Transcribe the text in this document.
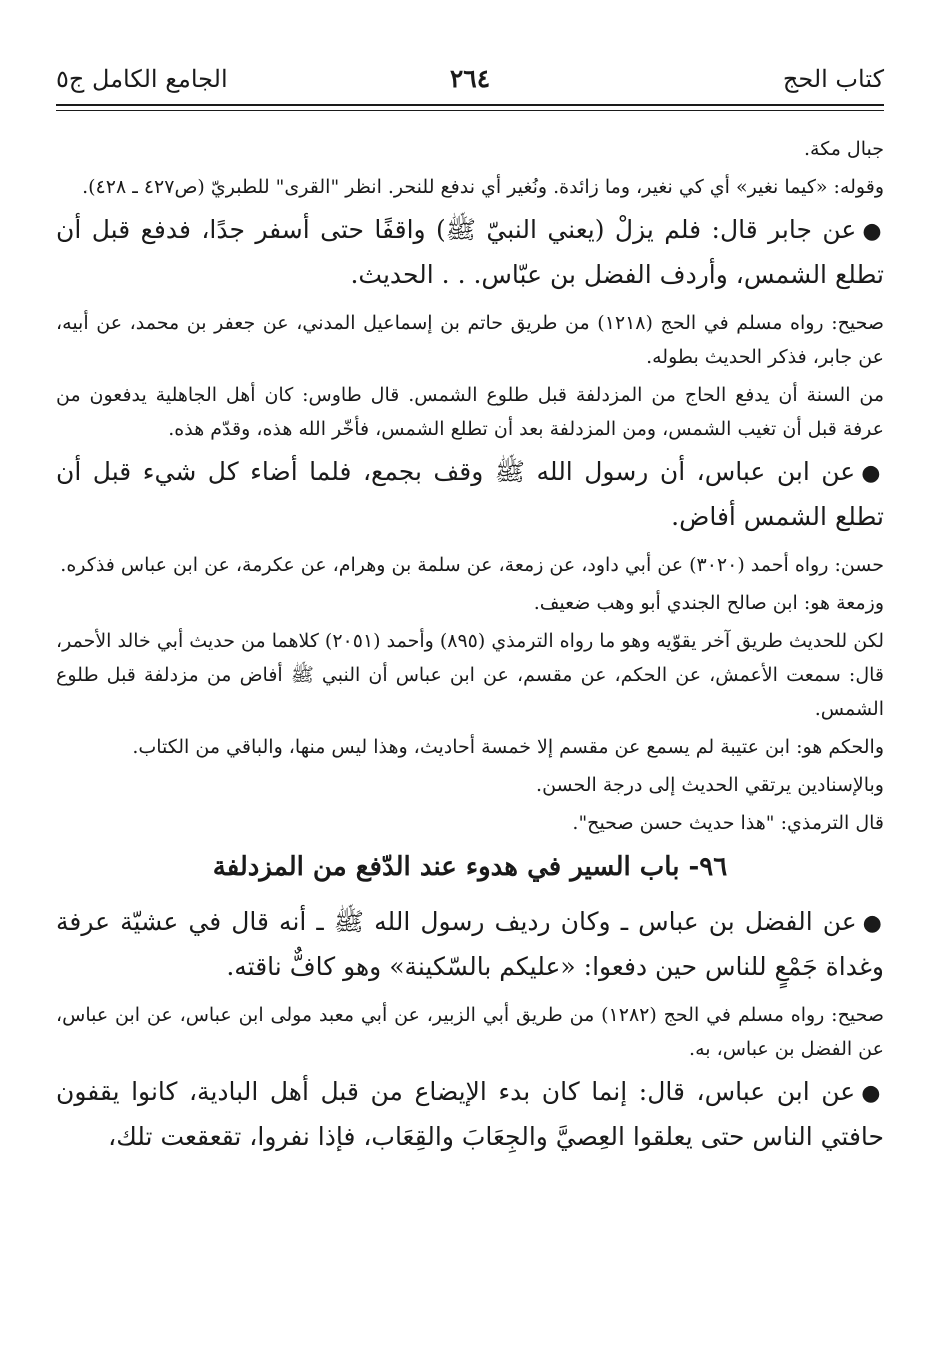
كتاب الحج
٢٦٤
الجامع الكامل ج٥

جبال مكة.

وقوله: «كيما نغير» أي كي نغير، وما زائدة. ونُغير أي ندفع للنحر. انظر "القرى" للطبريّ (ص٤٢٧ ـ ٤٢٨).

●عن جابر قال: فلم يزلْ (يعني النبيّ ﷺ) واقفًا حتى أسفر جدًا، فدفع قبل أن تطلع الشمس، وأردف الفضل بن عبّاس. . . الحديث.

صحيح: رواه مسلم في الحج (١٢١٨) من طريق حاتم بن إسماعيل المدني، عن جعفر بن محمد، عن أبيه، عن جابر، فذكر الحديث بطوله.

من السنة أن يدفع الحاج من المزدلفة قبل طلوع الشمس. قال طاوس: كان أهل الجاهلية يدفعون من عرفة قبل أن تغيب الشمس، ومن المزدلفة بعد أن تطلع الشمس، فأخّر الله هذه، وقدّم هذه.

●عن ابن عباس، أن رسول الله ﷺ وقف بجمع، فلما أضاء كل شيء قبل أن تطلع الشمس أفاض.

حسن: رواه أحمد (٣٠٢٠) عن أبي داود، عن زمعة، عن سلمة بن وهرام، عن عكرمة، عن ابن عباس فذكره.

وزمعة هو: ابن صالح الجندي أبو وهب ضعيف.

لكن للحديث طريق آخر يقوّيه وهو ما رواه الترمذي (٨٩٥) وأحمد (٢٠٥١) كلاهما من حديث أبي خالد الأحمر، قال: سمعت الأعمش، عن الحكم، عن مقسم، عن ابن عباس أن النبي ﷺ أفاض من مزدلفة قبل طلوع الشمس.

والحكم هو: ابن عتيبة لم يسمع عن مقسم إلا خمسة أحاديث، وهذا ليس منها، والباقي من الكتاب.

وبالإسنادين يرتقي الحديث إلى درجة الحسن.

قال الترمذي: "هذا حديث حسن صحيح".

٩٦- باب السير في هدوء عند الدّفع من المزدلفة

●عن الفضل بن عباس ـ وكان رديف رسول الله ﷺ ـ أنه قال في عشيّة عرفة وغداة جَمْعٍ للناس حين دفعوا: «عليكم بالسّكينة» وهو كافٌّ ناقته.

صحيح: رواه مسلم في الحج (١٢٨٢) من طريق أبي الزبير، عن أبي معبد مولى ابن عباس، عن ابن عباس، عن الفضل بن عباس، به.

●عن ابن عباس، قال: إنما كان بدء الإيضاع من قبل أهل البادية، كانوا يقفون حافتي الناس حتى يعلقوا العِصيَّ والجِعَابَ والقِعَاب، فإذا نفروا، تقعقعت تلك،
